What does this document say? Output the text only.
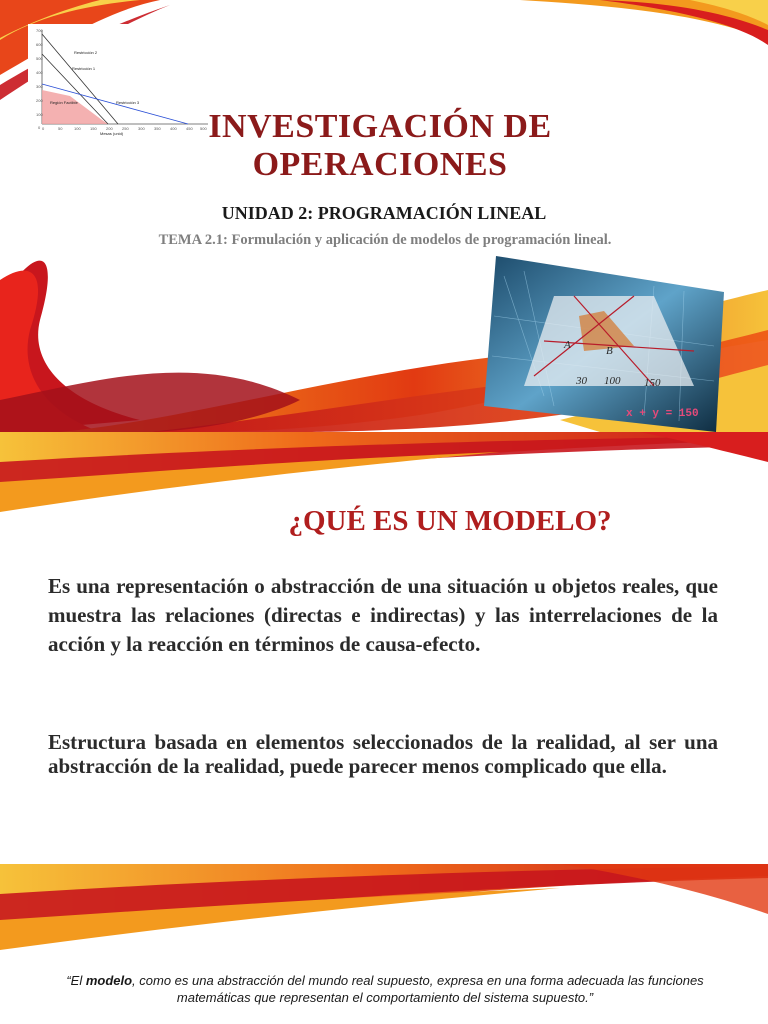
700
600
500
400
300
200
100
0 0	50	100 150 200 250 300 350 400 450 500
Región Factible
Restricción 2
Restricción 1
Restricción 3
Mesas (unid)	INVESTIGACIÓN DE OPERACIONES
UNIDAD 2: PROGRAMACIÓN LINEAL
TEMA 2.1: Formulación y aplicación de modelos de programación lineal.
A	B
30 100 150
x + y = 150
¿QUÉ ES UN MODELO?
Es una representación o abstracción de una situación u objetos reales, que muestra las relaciones (directas e indirectas) y las interrelaciones de la acción y la reacción en términos de causa-efecto.
Estructura basada en elementos seleccionados de la realidad, al ser una abstracción de la realidad, puede parecer menos complicado que ella.
“El modelo, como es una abstracción del mundo real supuesto, expresa en una forma adecuada las funciones matemáticas que representan el comportamiento del sistema supuesto.”
